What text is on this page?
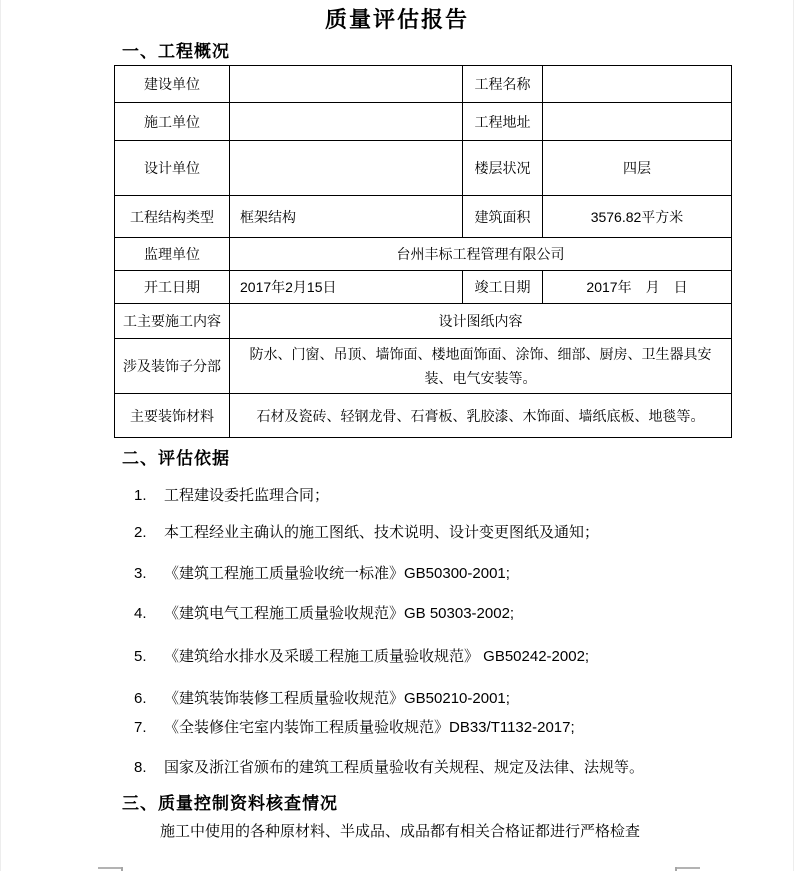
质量评估报告
一、工程概况
建设单位		工程名称	
施工单位		工程地址	
设计单位		楼层状况	四层
工程结构类型	框架结构	建筑面积	3576.82平方米
监理单位	台州丰标工程管理有限公司		
开工日期	2017年2月15日	竣工日期	2017年　月　日
工主要施工内容	设计图纸内容		
涉及装饰子分部	防水、门窗、吊顶、墙饰面、楼地面饰面、涂饰、细部、厨房、卫生器具安装、电气安装等。		
主要装饰材料	石材及瓷砖、轻钢龙骨、石膏板、乳胶漆、木饰面、墙纸底板、地毯等。		
二、评估依据
1.	工程建设委托监理合同；
2.	本工程经业主确认的施工图纸、技术说明、设计变更图纸及通知；
3.	《建筑工程施工质量验收统一标准》GB50300-2001;
4.	《建筑电气工程施工质量验收规范》GB 50303-2002;
5.	《建筑给水排水及采暖工程施工质量验收规范》 GB50242-2002;
6.	《建筑装饰装修工程质量验收规范》GB50210-2001;
7.	《全装修住宅室内装饰工程质量验收规范》DB33/T1132-2017;
8.	国家及浙江省颁布的建筑工程质量验收有关规程、规定及法律、法规等。
三、质量控制资料核查情况
施工中使用的各种原材料、半成品、成品都有相关合格证都进行严格检查
